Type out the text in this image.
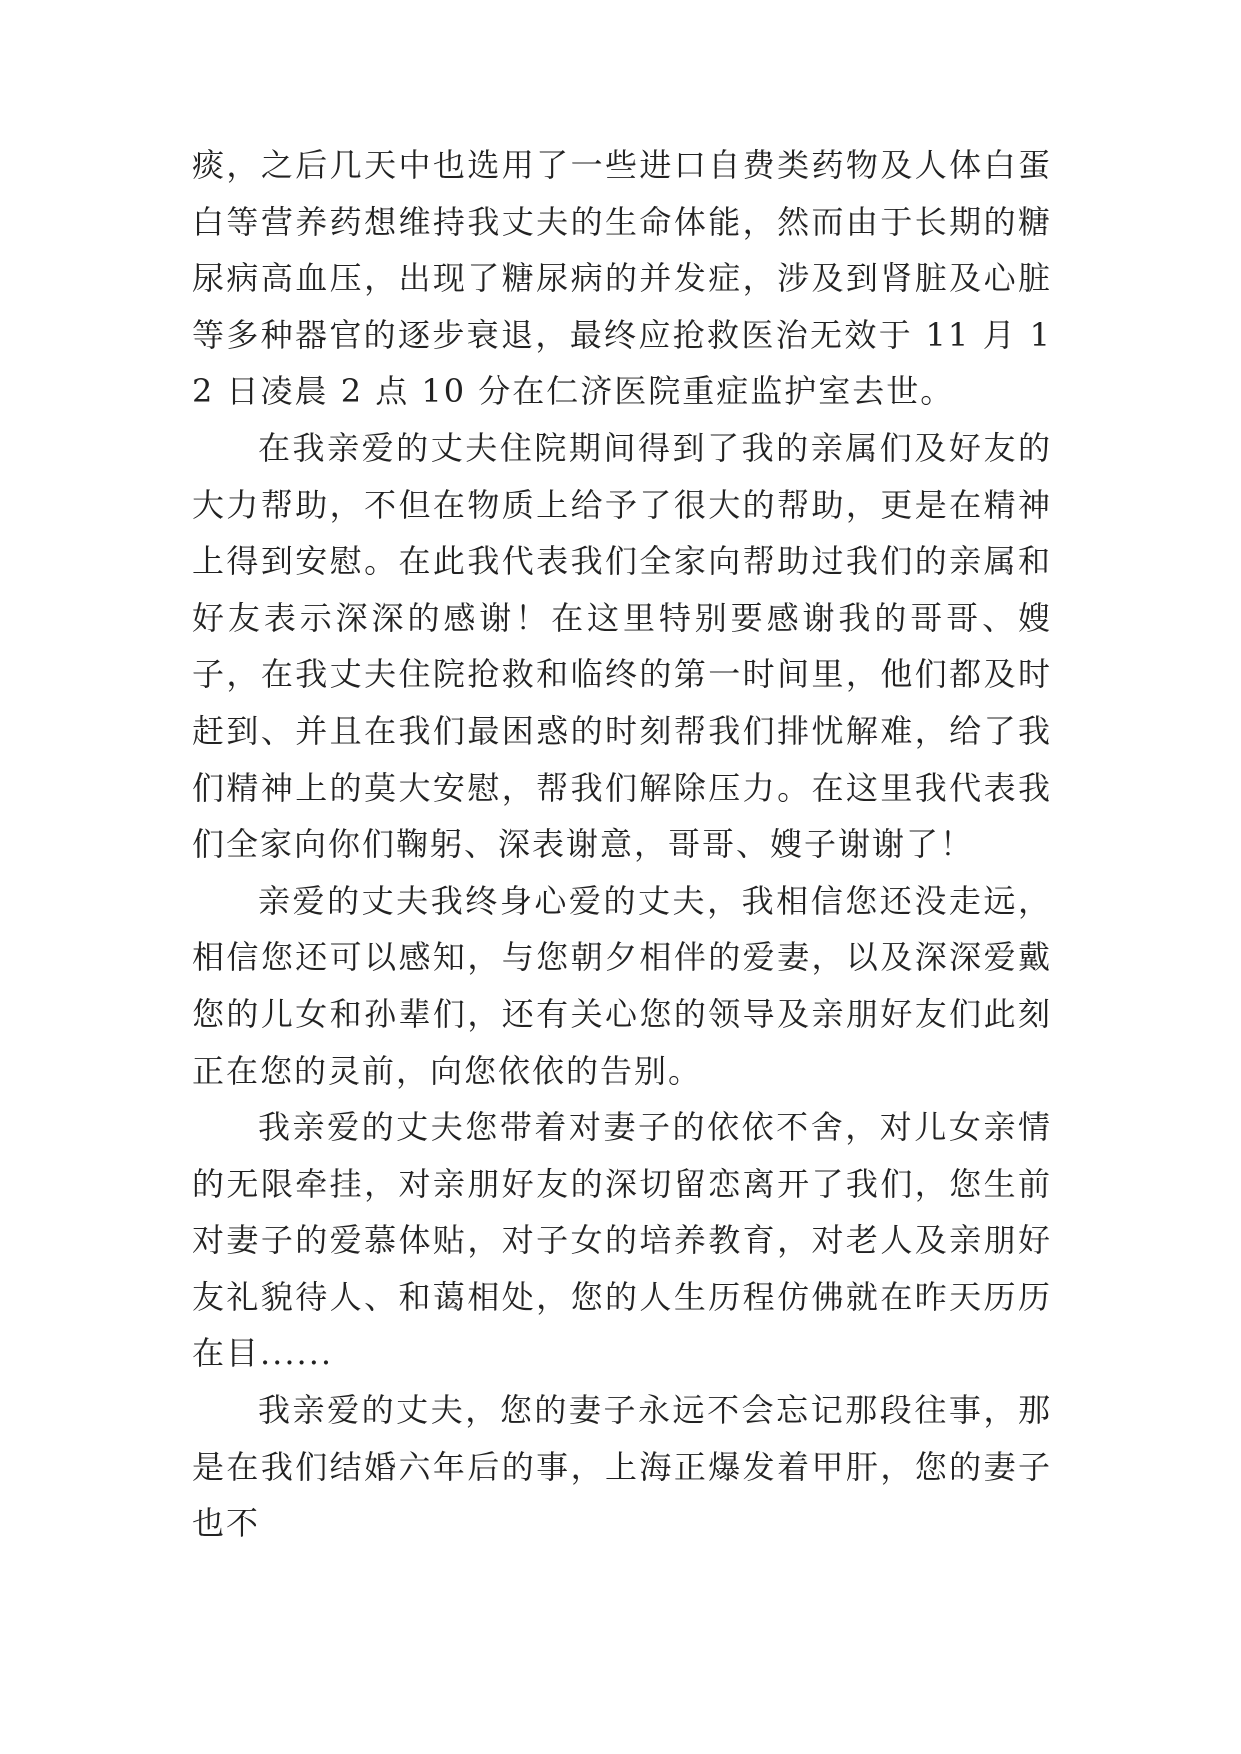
痰，之后几天中也选用了一些进口自费类药物及人体白蛋白等营养药想维持我丈夫的生命体能，然而由于长期的糖尿病高血压，出现了糖尿病的并发症，涉及到肾脏及心脏等多种器官的逐步衰退，最终应抢救医治无效于 11 月 12 日凌晨 2 点 10 分在仁济医院重症监护室去世。

在我亲爱的丈夫住院期间得到了我的亲属们及好友的大力帮助，不但在物质上给予了很大的帮助，更是在精神上得到安慰。在此我代表我们全家向帮助过我们的亲属和好友表示深深的感谢！在这里特别要感谢我的哥哥、嫂子，在我丈夫住院抢救和临终的第一时间里，他们都及时赶到、并且在我们最困惑的时刻帮我们排忧解难，给了我们精神上的莫大安慰，帮我们解除压力。在这里我代表我们全家向你们鞠躬、深表谢意，哥哥、嫂子谢谢了！

亲爱的丈夫我终身心爱的丈夫，我相信您还没走远，相信您还可以感知，与您朝夕相伴的爱妻，以及深深爱戴您的儿女和孙辈们，还有关心您的领导及亲朋好友们此刻正在您的灵前，向您依依的告别。

我亲爱的丈夫您带着对妻子的依依不舍，对儿女亲情的无限牵挂，对亲朋好友的深切留恋离开了我们，您生前对妻子的爱慕体贴，对子女的培养教育，对老人及亲朋好友礼貌待人、和蔼相处，您的人生历程仿佛就在昨天历历在目......

我亲爱的丈夫，您的妻子永远不会忘记那段往事，那是在我们结婚六年后的事，上海正爆发着甲肝，您的妻子也不
